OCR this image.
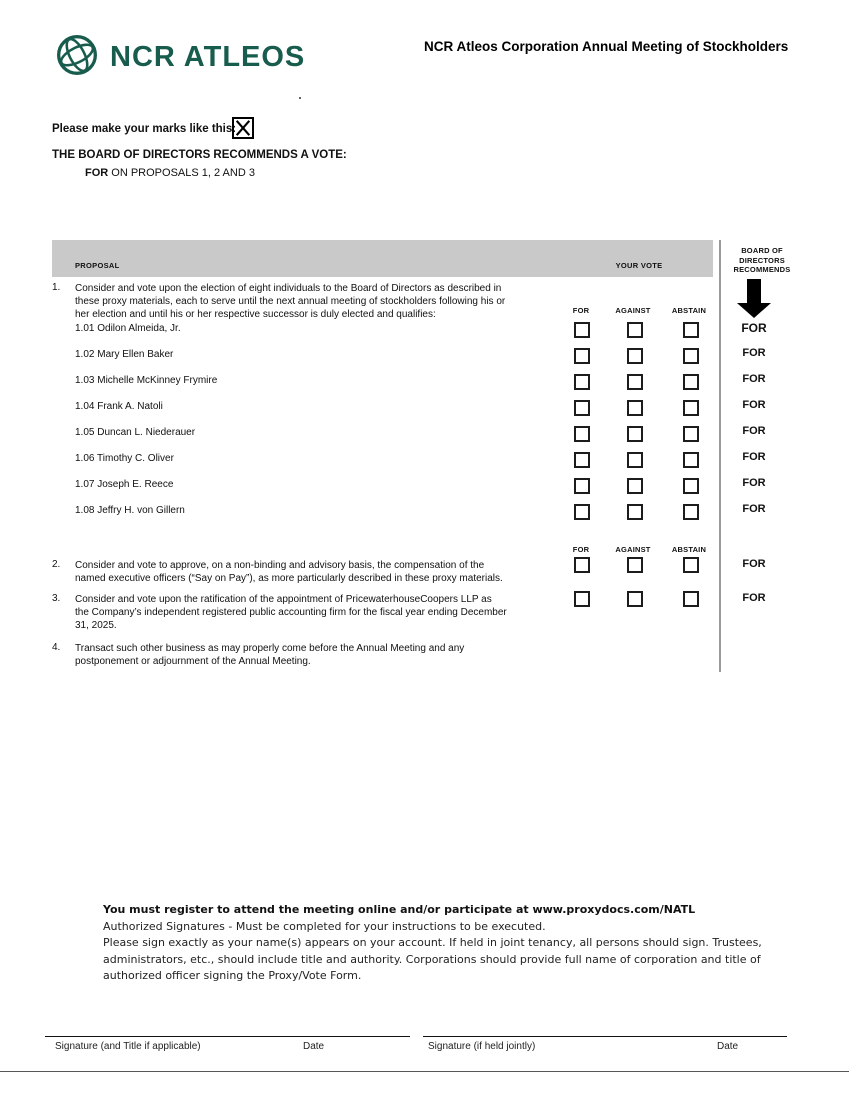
NCR ATLEOS	NCR Atleos Corporation Annual Meeting of Stockholders
Please make your marks like this:
THE BOARD OF DIRECTORS RECOMMENDS A VOTE:
FOR ON PROPOSALS 1, 2 AND 3
PROPOSAL	YOUR VOTE
BOARD OF
DIRECTORS
RECOMMENDS
1. Consider and vote upon the election of eight individuals to the Board of Directors as described in
these proxy materials, each to serve until the next annual meeting of stockholders following his or
her election and until his or her respective successor is duly elected and qualifies:	FOR	AGAINST	ABSTAIN
1.01 Odilon Almeida, Jr.	FOR
1.02 Mary Ellen Baker	FOR
1.03 Michelle McKinney Frymire	FOR
1.04 Frank A. Natoli	FOR
1.05 Duncan L. Niederauer	FOR
1.06 Timothy C. Oliver	FOR
1.07 Joseph E. Reece	FOR
1.08 Jeffry H. von Gillern	FOR
FOR	AGAINST	ABSTAIN
2. Consider and vote to approve, on a non-binding and advisory basis, the compensation of the
named executive officers (“Say on Pay”), as more particularly described in these proxy materials.
FOR
3. Consider and vote upon the ratification of the appointment of PricewaterhouseCoopers LLP as
the Company’s independent registered public accounting firm for the fiscal year ending December
31, 2025.
FOR
4. Transact such other business as may properly come before the Annual Meeting and any
postponement or adjournment of the Annual Meeting.
You must register to attend the meeting online and/or participate at www.proxydocs.com/NATL
Authorized Signatures - Must be completed for your instructions to be executed.
Please sign exactly as your name(s) appears on your account. If held in joint tenancy, all persons should sign. Trustees,
administrators, etc., should include title and authority. Corporations should provide full name of corporation and title of
authorized officer signing the Proxy/Vote Form.
Signature (and Title if applicable)	Date	Signature (if held jointly)	Date
